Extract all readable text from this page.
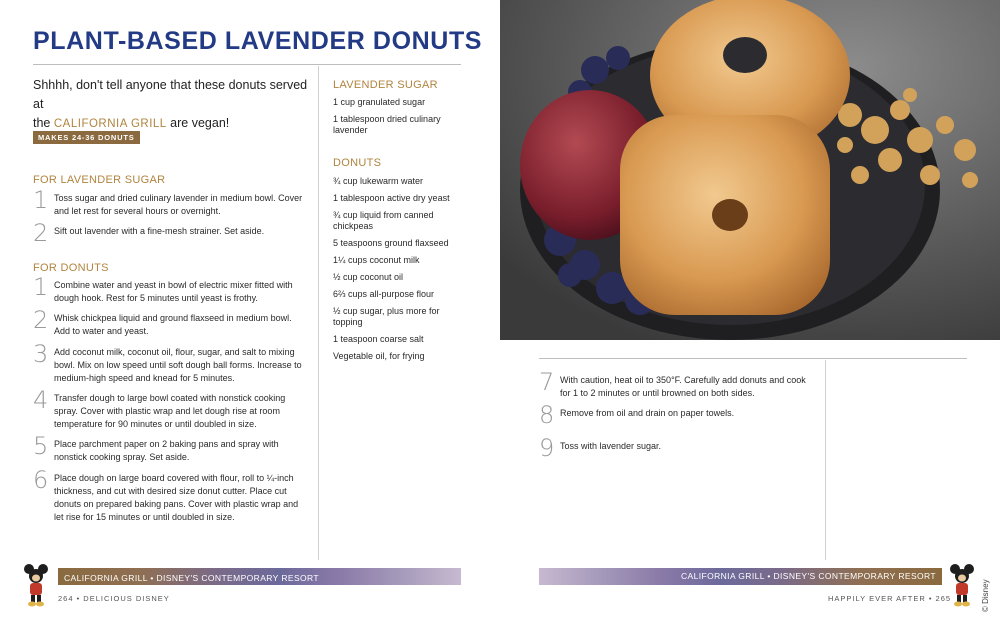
PLANT-BASED LAVENDER DONUTS
Shhhh, don't tell anyone that these donuts served at
the CALIFORNIA GRILL are vegan!
MAKES 24-36 DONUTS
FOR LAVENDER SUGAR
1 Toss sugar and dried culinary lavender in medium bowl. Cover and let rest for several hours or overnight.
2 Sift out lavender with a fine-mesh strainer. Set aside.
FOR DONUTS
1 Combine water and yeast in bowl of electric mixer fitted with dough hook. Rest for 5 minutes until yeast is frothy.
2 Whisk chickpea liquid and ground flaxseed in medium bowl. Add to water and yeast.
3 Add coconut milk, coconut oil, flour, sugar, and salt to mixing bowl. Mix on low speed until soft dough ball forms. Increase to medium-high speed and knead for 5 minutes.
4 Transfer dough to large bowl coated with nonstick cooking spray. Cover with plastic wrap and let dough rise at room temperature for 90 minutes or until doubled in size.
5 Place parchment paper on 2 baking pans and spray with nonstick cooking spray. Set aside.
6 Place dough on large board covered with flour, roll to ¼-inch thickness, and cut with desired size donut cutter. Place cut donuts on prepared baking pans. Cover with plastic wrap and let rise for 15 minutes or until doubled in size.
LAVENDER SUGAR
1 cup granulated sugar
1 tablespoon dried culinary lavender
DONUTS
¾ cup lukewarm water
1 tablespoon active dry yeast
¾ cup liquid from canned chickpeas
5 teaspoons ground flaxseed
1¼ cups coconut milk
½ cup coconut oil
6⅔ cups all-purpose flour
½ cup sugar, plus more for topping
1 teaspoon coarse salt
Vegetable oil, for frying
7 With caution, heat oil to 350°F. Carefully add donuts and cook for 1 to 2 minutes or until browned on both sides.
8 Remove from oil and drain on paper towels.
9 Toss with lavender sugar.
CALIFORNIA GRILL • DISNEY'S CONTEMPORARY RESORT
264 • DELICIOUS DISNEY
CALIFORNIA GRILL • DISNEY'S CONTEMPORARY RESORT
HAPPILY EVER AFTER • 265	© Disney
